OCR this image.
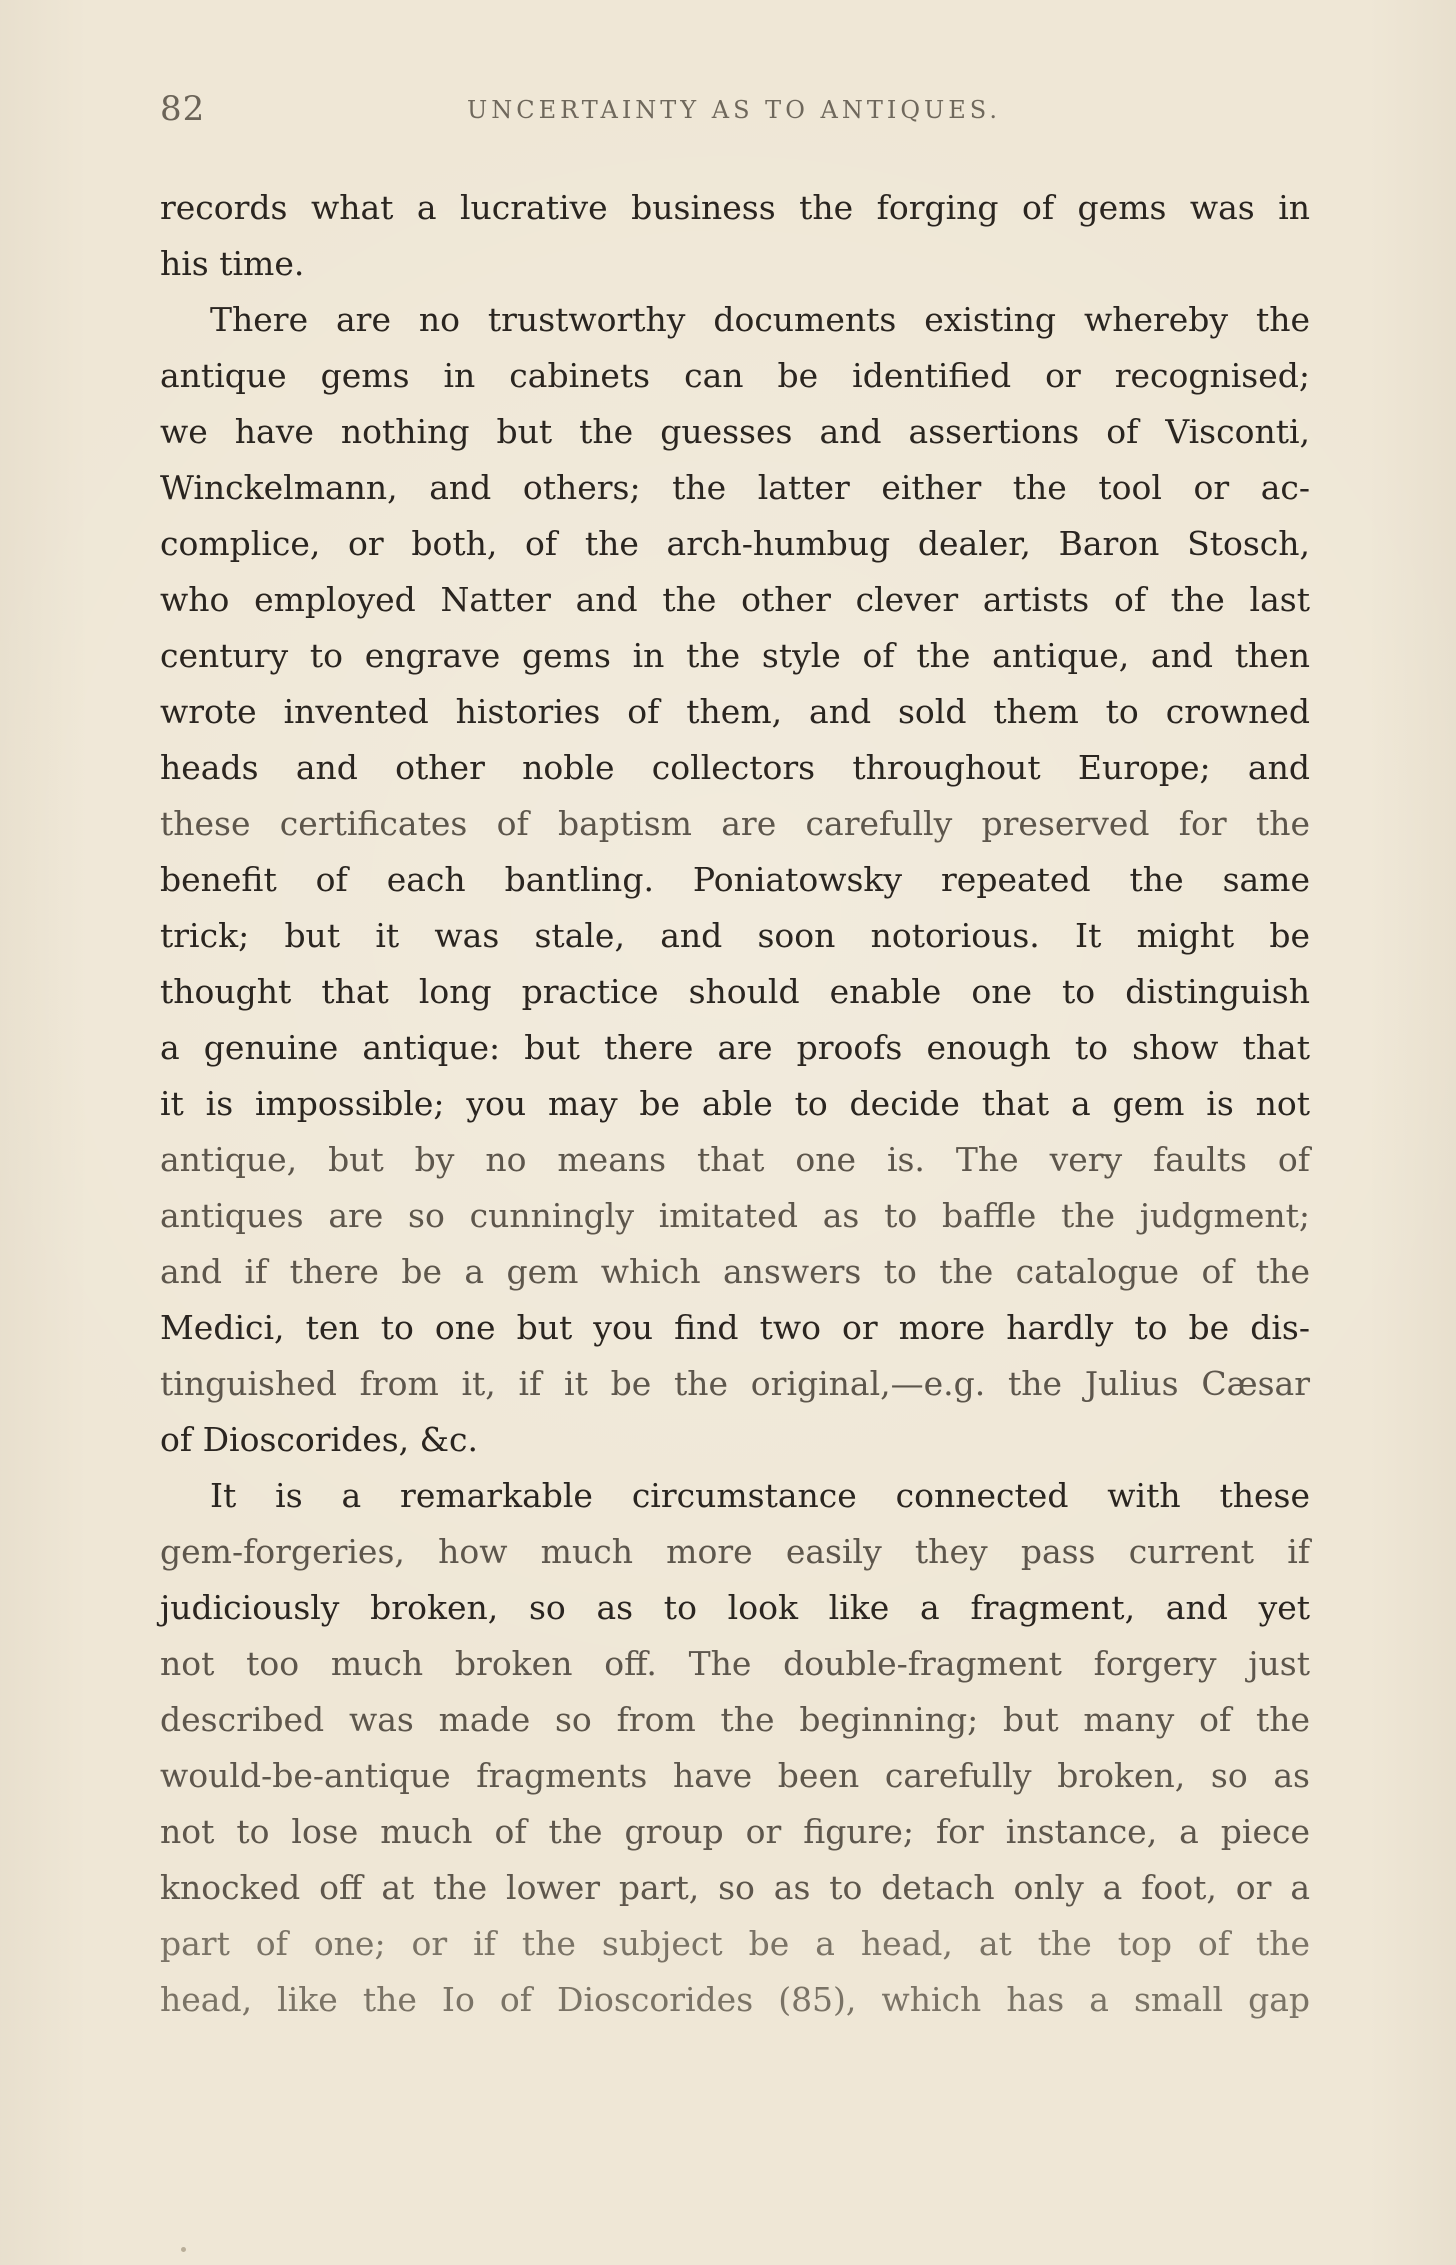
82	UNCERTAINTY AS TO ANTIQUES.
records what a lucrative business the forging of gems was in
his time.
There are no trustworthy documents existing whereby the
antique gems in cabinets can be identified or recognised;
we have nothing but the guesses and assertions of Visconti,
Winckelmann, and others; the latter either the tool or ac-
complice, or both, of the arch-humbug dealer, Baron Stosch,
who employed Natter and the other clever artists of the last
century to engrave gems in the style of the antique, and then
wrote invented histories of them, and sold them to crowned
heads and other noble collectors throughout Europe; and
these certificates of baptism are carefully preserved for the
benefit of each bantling. Poniatowsky repeated the same
trick; but it was stale, and soon notorious. It might be
thought that long practice should enable one to distinguish
a genuine antique: but there are proofs enough to show that
it is impossible; you may be able to decide that a gem is not
antique, but by no means that one is. The very faults of
antiques are so cunningly imitated as to baffle the judgment;
and if there be a gem which answers to the catalogue of the
Medici, ten to one but you find two or more hardly to be dis-
tinguished from it, if it be the original,—e.g. the Julius Cæsar
of Dioscorides, &c.
It is a remarkable circumstance connected with these
gem-forgeries, how much more easily they pass current if
judiciously broken, so as to look like a fragment, and yet
not too much broken off. The double-fragment forgery just
described was made so from the beginning; but many of the
would-be-antique fragments have been carefully broken, so as
not to lose much of the group or figure; for instance, a piece
knocked off at the lower part, so as to detach only a foot, or a
part of one; or if the subject be a head, at the top of the
head, like the Io of Dioscorides (85), which has a small gap
